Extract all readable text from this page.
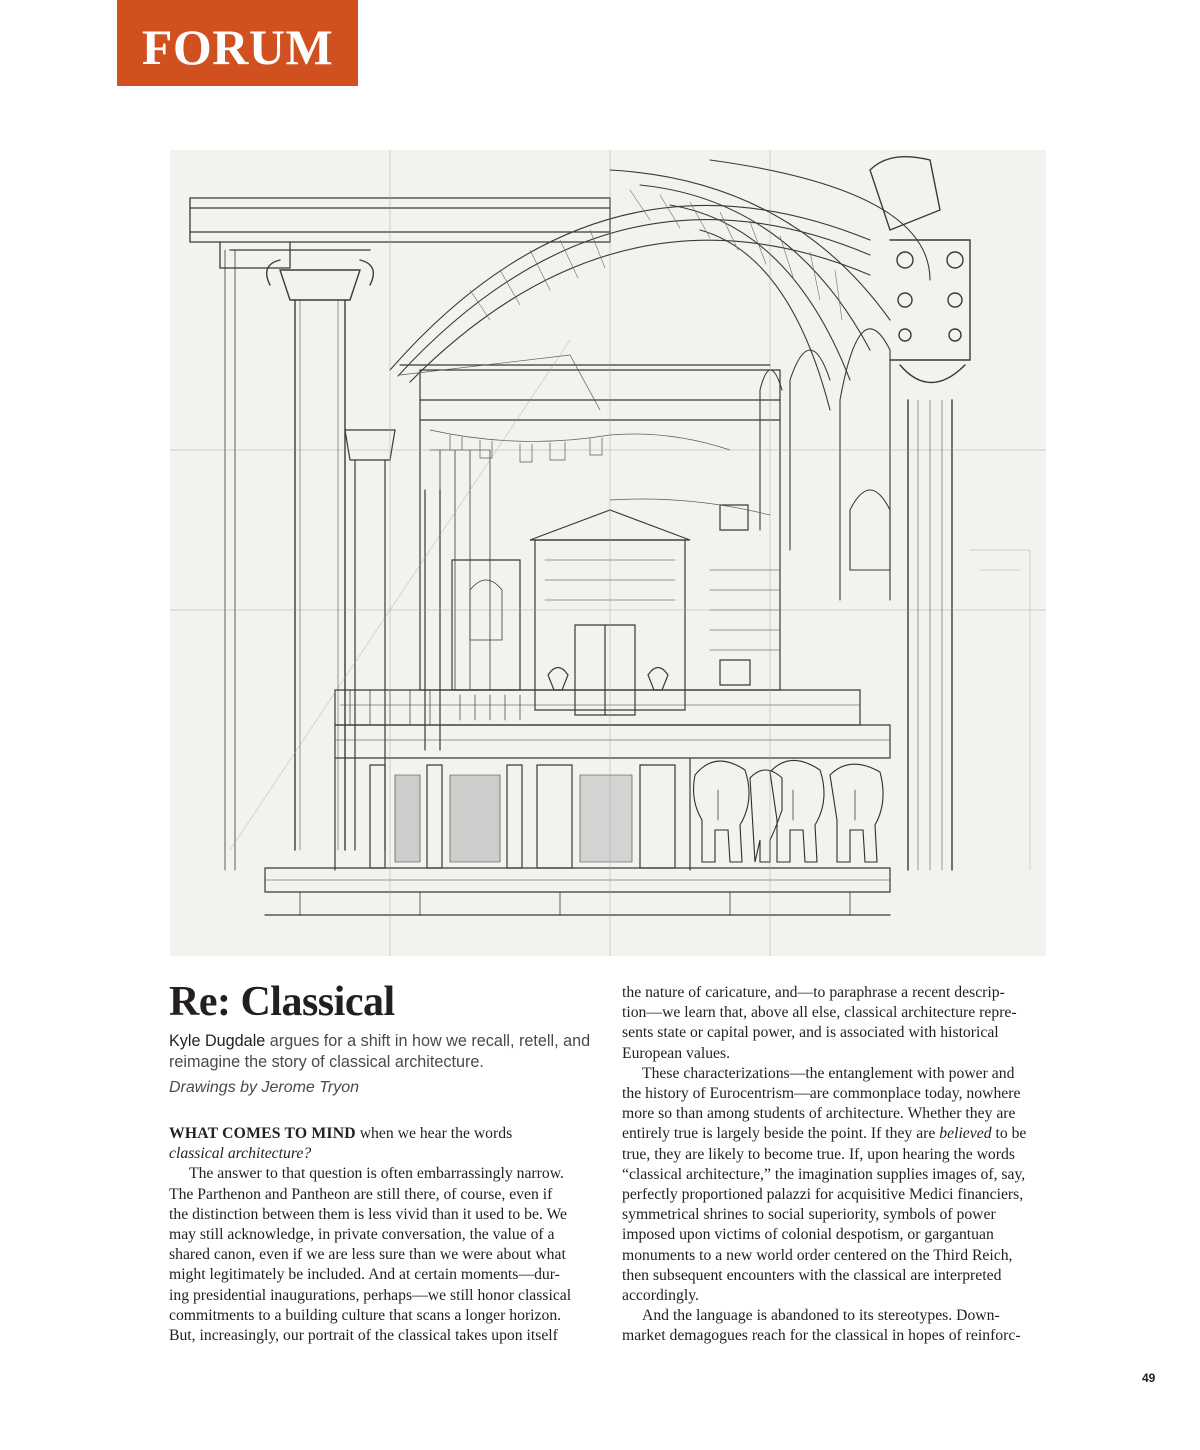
FORUM
Re: Classical

Kyle Dugdale argues for a shift in how we recall, retell, and reimagine the story of classical architecture.

Drawings by Jerome Tryon

WHAT COMES TO MIND when we hear the words
classical architecture?
The answer to that question is often embarrassingly narrow.
The Parthenon and Pantheon are still there, of course, even if
the distinction between them is less vivid than it used to be. We
may still acknowledge, in private conversation, the value of a
shared canon, even if we are less sure than we were about what
might legitimately be included. And at certain moments—dur-
ing presidential inaugurations, perhaps—we still honor classical
commitments to a building culture that scans a longer horizon.
But, increasingly, our portrait of the classical takes upon itself
the nature of caricature, and—to paraphrase a recent descrip-
tion—we learn that, above all else, classical architecture repre-
sents state or capital power, and is associated with historical
European values.
These characterizations—the entanglement with power and
the history of Eurocentrism—are commonplace today, nowhere
more so than among students of architecture. Whether they are
entirely true is largely beside the point. If they are believed to be
true, they are likely to become true. If, upon hearing the words
“classical architecture,” the imagination supplies images of, say,
perfectly proportioned palazzi for acquisitive Medici financiers,
symmetrical shrines to social superiority, symbols of power
imposed upon victims of colonial despotism, or gargantuan
monuments to a new world order centered on the Third Reich,
then subsequent encounters with the classical are interpreted
accordingly.
And the language is abandoned to its stereotypes. Down-
market demagogues reach for the classical in hopes of reinforc-
49
